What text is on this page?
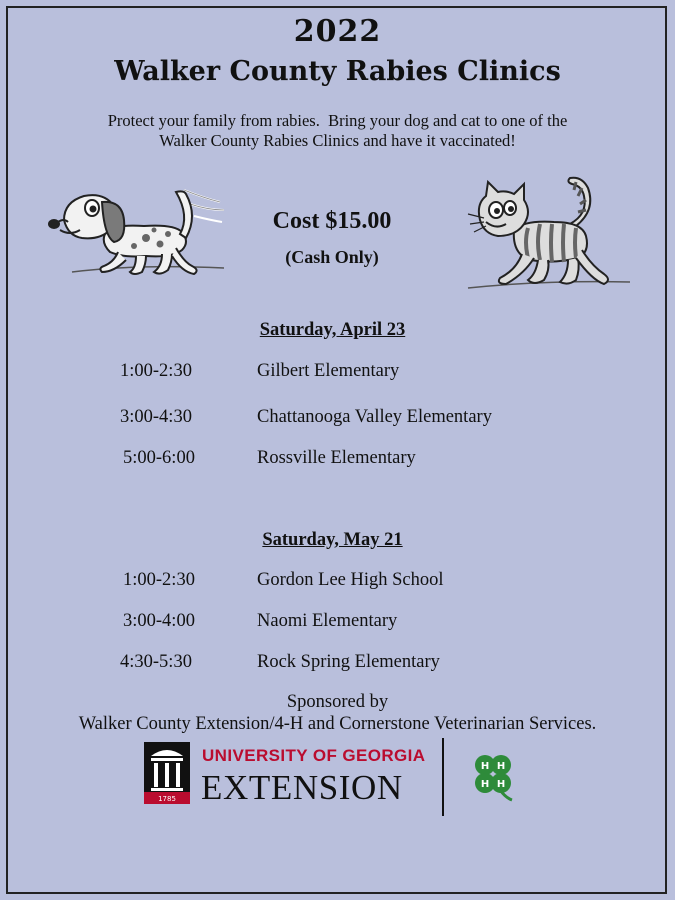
2022
Walker County Rabies Clinics
Protect your family from rabies.  Bring your dog and cat to one of the
Walker County Rabies Clinics and have it vaccinated!
Cost $15.00
(Cash Only)
Saturday, April 23
1:00-2:30	Gilbert Elementary
3:00-4:30	Chattanooga Valley Elementary
5:00-6:00	Rossville Elementary
Saturday, May 21
1:00-2:30	Gordon Lee High School
3:00-4:00	Naomi Elementary
4:30-5:30	Rock Spring Elementary
Sponsored by
Walker County Extension/4-H and Cornerstone Veterinarian Services.
1785
UNIVERSITY OF GEORGIA
EXTENSION
H H
H H
